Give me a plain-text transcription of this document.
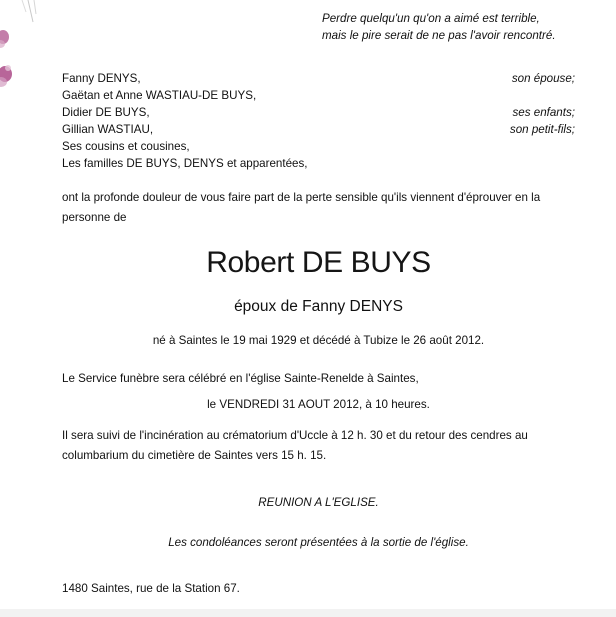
Perdre quelqu'un qu'on a aimé est terrible,
mais le pire serait de ne pas l'avoir rencontré.
Fanny DENYS,	son épouse;
Gaëtan et Anne WASTIAU-DE BUYS,
Didier DE BUYS,	ses enfants;
Gillian WASTIAU,	son petit-fils;
Ses cousins et cousines,
Les familles DE BUYS, DENYS et apparentées,
ont la profonde douleur de vous faire part de la perte sensible qu'ils viennent d'éprouver en la personne de
Robert DE BUYS
époux de Fanny DENYS
né à Saintes le 19 mai 1929 et décédé à Tubize le 26 août 2012.
Le Service funèbre sera célébré en l'église Sainte-Renelde à Saintes,
le VENDREDI 31 AOUT 2012, à 10 heures.
Il sera suivi de l'incinération au crématorium d'Uccle à 12 h. 30 et du retour des cendres au
columbarium du cimetière de Saintes vers 15 h. 15.
REUNION A L'EGLISE.
Les condoléances seront présentées à la sortie de l'église.
1480 Saintes, rue de la Station 67.
